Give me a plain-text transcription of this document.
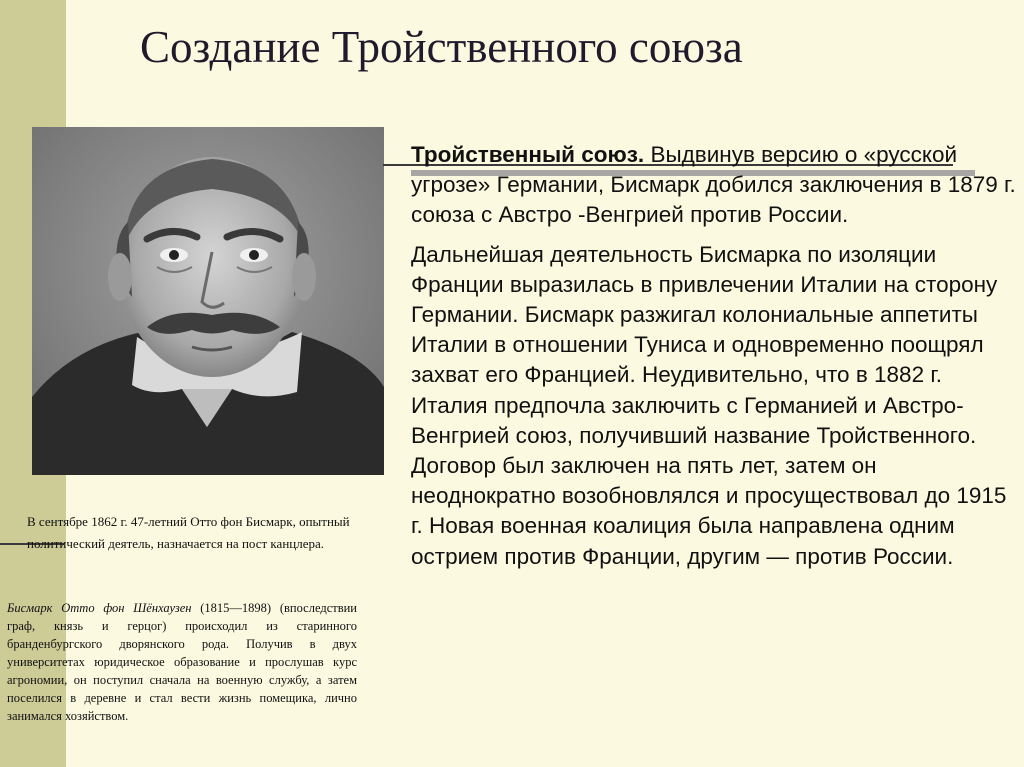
Создание Тройственного союза
В сентябре 1862 г. 47-летний Отто фон Бисмарк, опытный политический деятель, назначается на пост канцлера.
Бисмарк Отто фон Шёнхаузен (1815—1898) (впоследствии граф, князь и герцог) происходил из старинного бранденбургского дворянского рода. Получив в двух университетах юридическое образование и прослушав курс агрономии, он поступил сначала на военную службу, а затем поселился в деревне и стал вести жизнь помещика, лично занимался хозяйством.

Тройственный союз. Выдвинув версию о «русской угрозе» Германии, Бисмарк добился заключения в 1879 г. союза с Австро -Венгрией против России.

Дальнейшая деятельность Бисмарка по изоляции Франции выразилась в привлечении Италии на сторону Германии. Бисмарк разжигал колониальные аппетиты Италии в отношении Туниса и одновременно поощрял захват его Францией. Неудивительно, что в 1882 г. Италия предпочла заключить с Германией и Австро-Венгрией союз, получивший название Тройственного. Договор был заключен на пять лет, затем он неоднократно возобновлялся и просуществовал до 1915 г. Новая военная коалиция была направлена одним острием против Франции, другим — против России.
